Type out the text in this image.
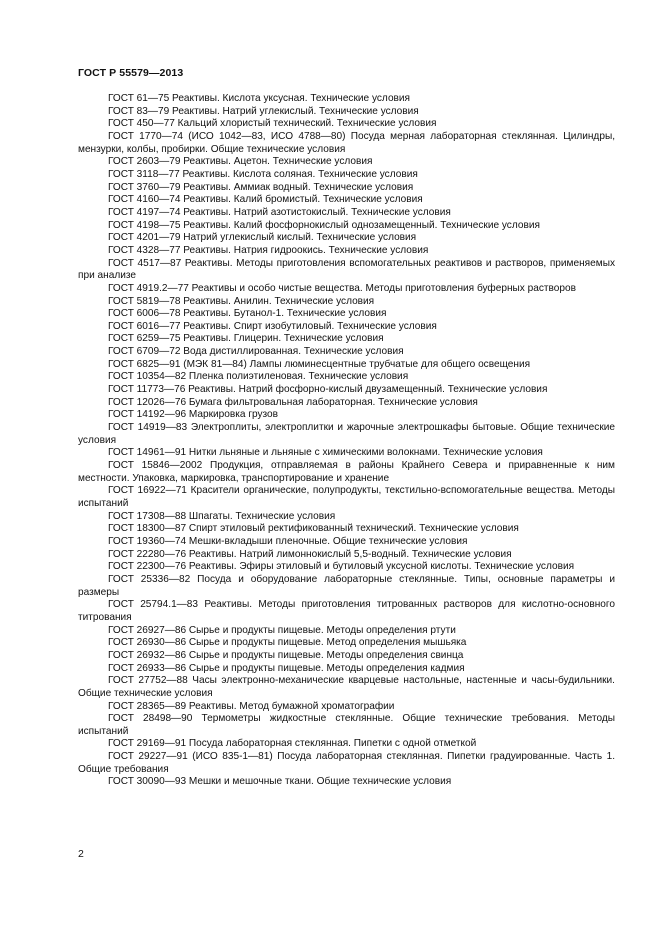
ГОСТ Р 55579—2013

ГОСТ 61—75 Реактивы. Кислота уксусная. Технические условия

ГОСТ 83—79 Реактивы. Натрий углекислый. Технические условия

ГОСТ 450—77 Кальций хлористый технический. Технические условия

ГОСТ 1770—74 (ИСО 1042—83, ИСО 4788—80) Посуда мерная лабораторная стеклянная. Цилиндры, мензурки, колбы, пробирки. Общие технические условия

ГОСТ 2603—79 Реактивы. Ацетон. Технические условия

ГОСТ 3118—77 Реактивы. Кислота соляная. Технические условия

ГОСТ 3760—79 Реактивы. Аммиак водный. Технические условия

ГОСТ 4160—74 Реактивы. Калий бромистый. Технические условия

ГОСТ 4197—74 Реактивы. Натрий азотистокислый. Технические условия

ГОСТ 4198—75 Реактивы. Калий фосфорнокислый однозамещенный. Технические условия

ГОСТ 4201—79 Натрий углекислый кислый. Технические условия

ГОСТ 4328—77 Реактивы. Натрия гидроокись. Технические условия

ГОСТ 4517—87 Реактивы. Методы приготовления вспомогательных реактивов и растворов, применяемых при анализе

ГОСТ 4919.2—77 Реактивы и особо чистые вещества. Методы приготовления буферных растворов

ГОСТ 5819—78 Реактивы. Анилин. Технические условия

ГОСТ 6006—78 Реактивы. Бутанол-1. Технические условия

ГОСТ 6016—77 Реактивы. Спирт изобутиловый. Технические условия

ГОСТ 6259—75 Реактивы. Глицерин. Технические условия

ГОСТ 6709—72 Вода дистиллированная. Технические условия

ГОСТ 6825—91 (МЭК 81—84) Лампы люминесцентные трубчатые для общего освещения

ГОСТ 10354—82 Пленка полиэтиленовая. Технические условия

ГОСТ 11773—76 Реактивы. Натрий фосфорно-кислый двузамещенный. Технические условия

ГОСТ 12026—76 Бумага фильтровальная лабораторная. Технические условия

ГОСТ 14192—96 Маркировка грузов

ГОСТ 14919—83 Электроплиты, электроплитки и жарочные электрошкафы бытовые. Общие технические условия

ГОСТ 14961—91 Нитки льняные и льняные с химическими волокнами. Технические условия

ГОСТ 15846—2002 Продукция, отправляемая в районы Крайнего Севера и приравненные к ним местности. Упаковка, маркировка, транспортирование и хранение

ГОСТ 16922—71 Красители органические, полупродукты, текстильно-вспомогательные вещества. Методы испытаний

ГОСТ 17308—88 Шпагаты. Технические условия

ГОСТ 18300—87 Спирт этиловый ректификованный технический. Технические условия

ГОСТ 19360—74 Мешки-вкладыши пленочные. Общие технические условия

ГОСТ 22280—76 Реактивы. Натрий лимоннокислый 5,5-водный. Технические условия

ГОСТ 22300—76 Реактивы. Эфиры этиловый и бутиловый уксусной кислоты. Технические условия

ГОСТ 25336—82 Посуда и оборудование лабораторные стеклянные. Типы, основные параметры и размеры

ГОСТ 25794.1—83 Реактивы. Методы приготовления титрованных растворов для кислотно-основного титрования

ГОСТ 26927—86 Сырье и продукты пищевые. Методы определения ртути

ГОСТ 26930—86 Сырье и продукты пищевые. Метод определения мышьяка

ГОСТ 26932—86 Сырье и продукты пищевые. Методы определения свинца

ГОСТ 26933—86 Сырье и продукты пищевые. Методы определения кадмия

ГОСТ 27752—88 Часы электронно-механические кварцевые настольные, настенные и часы-будильники. Общие технические условия

ГОСТ 28365—89 Реактивы. Метод бумажной хроматографии

ГОСТ 28498—90 Термометры жидкостные стеклянные. Общие технические требования. Методы испытаний

ГОСТ 29169—91 Посуда лабораторная стеклянная. Пипетки с одной отметкой

ГОСТ 29227—91 (ИСО 835-1—81) Посуда лабораторная стеклянная. Пипетки градуированные. Часть 1. Общие требования

ГОСТ 30090—93 Мешки и мешочные ткани. Общие технические условия

2
